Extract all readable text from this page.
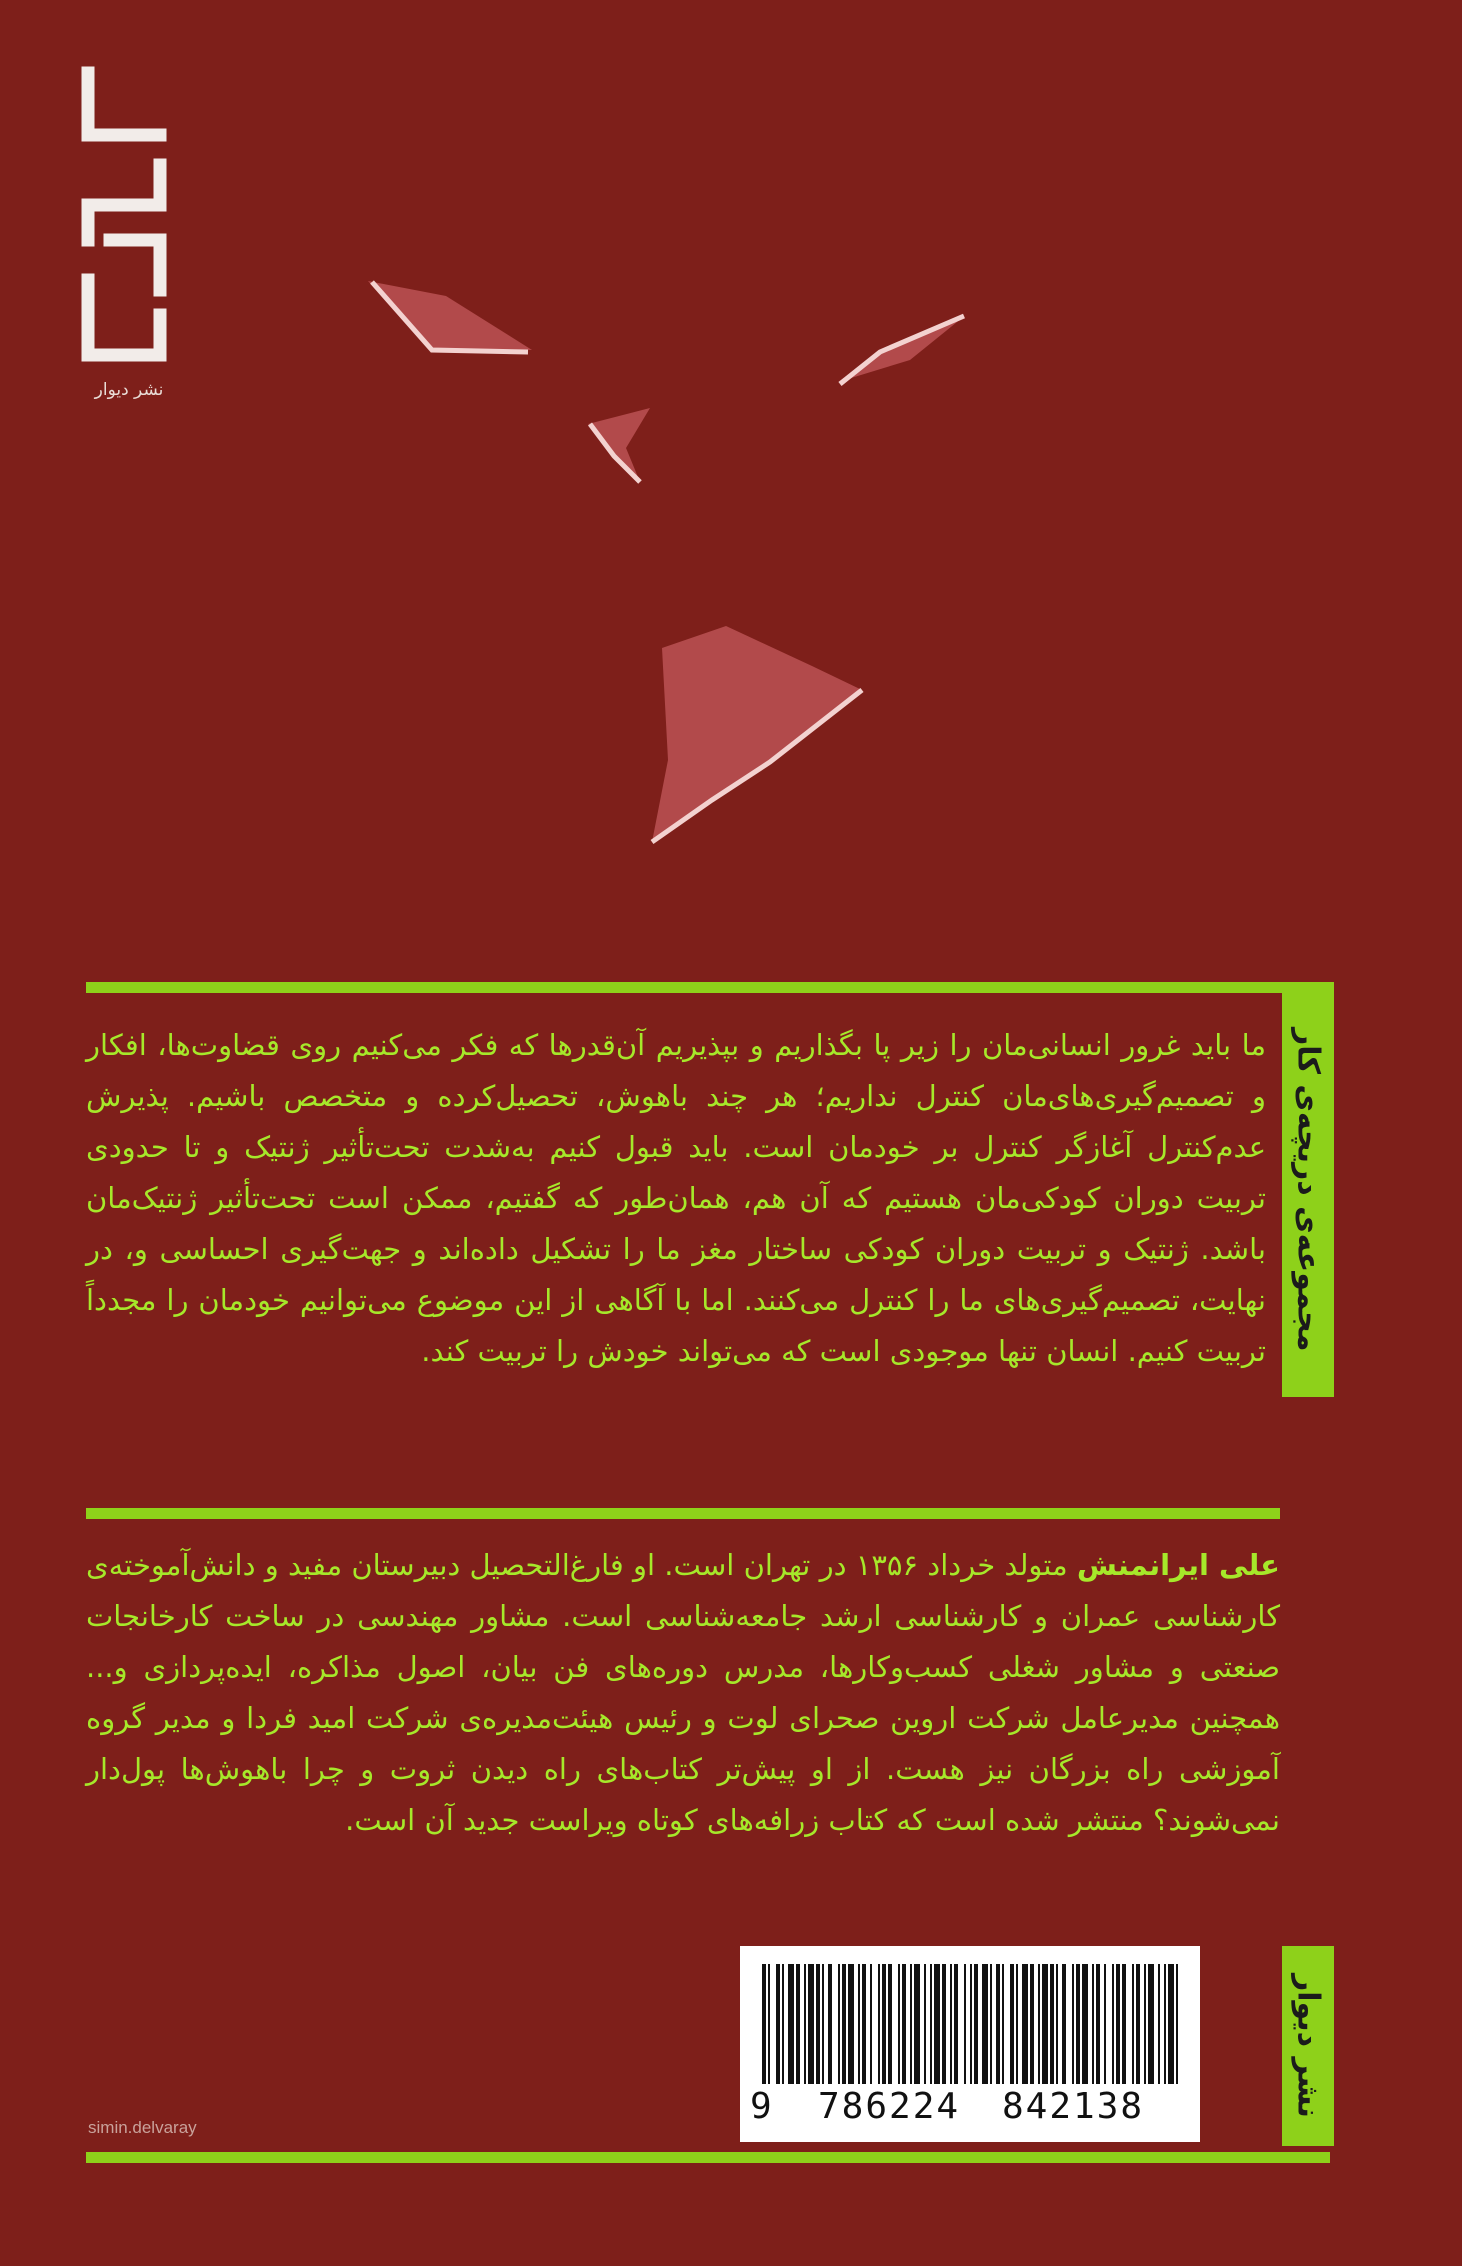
نشر دیوار
مجموعه‌ی دریچه‌ی کار

ما باید غرور انسانی‌مان را زیر پا بگذاریم و بپذیریم آن‌قدرها که فکر می‌کنیم روی قضاوت‌ها، افکار و تصمیم‌گیری‌های‌مان کنترل نداریم؛ هر چند باهوش، تحصیل‌کرده و متخصص باشیم. پذیرش عدم‌کنترل آغازگر کنترل بر خودمان است. باید قبول کنیم به‌شدت تحت‌تأثیر ژنتیک و تا حدودی تربیت دوران کودکی‌مان هستیم که آن هم، همان‌طور که گفتیم، ممکن است تحت‌تأثیر ژنتیک‌مان باشد. ژنتیک و تربیت دوران کودکی ساختار مغز ما را تشکیل داده‌اند و جهت‌گیری احساسی و، در نهایت، تصمیم‌گیری‌های ما را کنترل می‌کنند. اما با آگاهی از این موضوع می‌توانیم خودمان را مجدداً تربیت کنیم. انسان تنها موجودی است که می‌تواند خودش را تربیت کند.

علی ایرانمنش متولد خرداد ۱۳۵۶ در تهران است. او فارغ‌التحصیل دبیرستان مفید و دانش‌آموخته‌ی کارشناسی عمران و کارشناسی ارشد جامعه‌شناسی است. مشاور مهندسی در ساخت کارخانجات صنعتی و مشاور شغلی کسب‌وکارها، مدرس دوره‌های فن بیان، اصول مذاکره، ایده‌پردازی و... همچنین مدیرعامل شرکت اروین صحرای لوت و رئیس هیئت‌مدیره‌ی شرکت امید فردا و مدیر گروه آموزشی راه بزرگان نیز هست. از او پیش‌تر کتاب‌های راه دیدن ثروت و چرا باهوش‌ها پول‌دار نمی‌شوند؟ منتشر شده است که کتاب زرافه‌های کوتاه ویراست جدید آن است.

9 786224 842138	نشر دیوار
simin.delvaray
